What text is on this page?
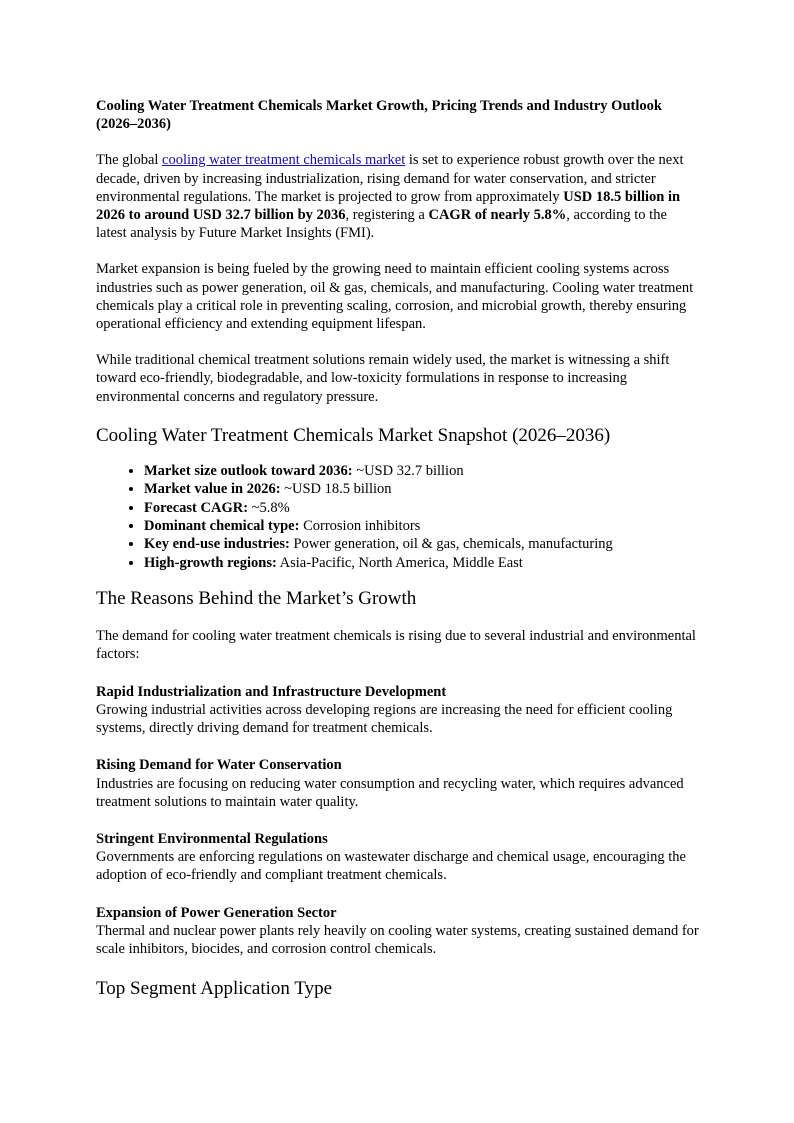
Cooling Water Treatment Chemicals Market Growth, Pricing Trends and Industry Outlook (2026–2036)

The global cooling water treatment chemicals market is set to experience robust growth over the next decade, driven by increasing industrialization, rising demand for water conservation, and stricter environmental regulations. The market is projected to grow from approximately USD 18.5 billion in 2026 to around USD 32.7 billion by 2036, registering a CAGR of nearly 5.8%, according to the latest analysis by Future Market Insights (FMI).

Market expansion is being fueled by the growing need to maintain efficient cooling systems across industries such as power generation, oil & gas, chemicals, and manufacturing. Cooling water treatment chemicals play a critical role in preventing scaling, corrosion, and microbial growth, thereby ensuring operational efficiency and extending equipment lifespan.

While traditional chemical treatment solutions remain widely used, the market is witnessing a shift toward eco-friendly, biodegradable, and low-toxicity formulations in response to increasing environmental concerns and regulatory pressure.

Cooling Water Treatment Chemicals Market Snapshot (2026–2036)
• Market size outlook toward 2036: ~USD 32.7 billion
• Market value in 2026: ~USD 18.5 billion
• Forecast CAGR: ~5.8%
• Dominant chemical type: Corrosion inhibitors
• Key end-use industries: Power generation, oil & gas, chemicals, manufacturing
• High-growth regions: Asia-Pacific, North America, Middle East
The Reasons Behind the Market’s Growth

The demand for cooling water treatment chemicals is rising due to several industrial and environmental factors:

Rapid Industrialization and Infrastructure Development

Growing industrial activities across developing regions are increasing the need for efficient cooling systems, directly driving demand for treatment chemicals.

Rising Demand for Water Conservation

Industries are focusing on reducing water consumption and recycling water, which requires advanced treatment solutions to maintain water quality.

Stringent Environmental Regulations

Governments are enforcing regulations on wastewater discharge and chemical usage, encouraging the adoption of eco-friendly and compliant treatment chemicals.

Expansion of Power Generation Sector

Thermal and nuclear power plants rely heavily on cooling water systems, creating sustained demand for scale inhibitors, biocides, and corrosion control chemicals.

Top Segment Application Type
